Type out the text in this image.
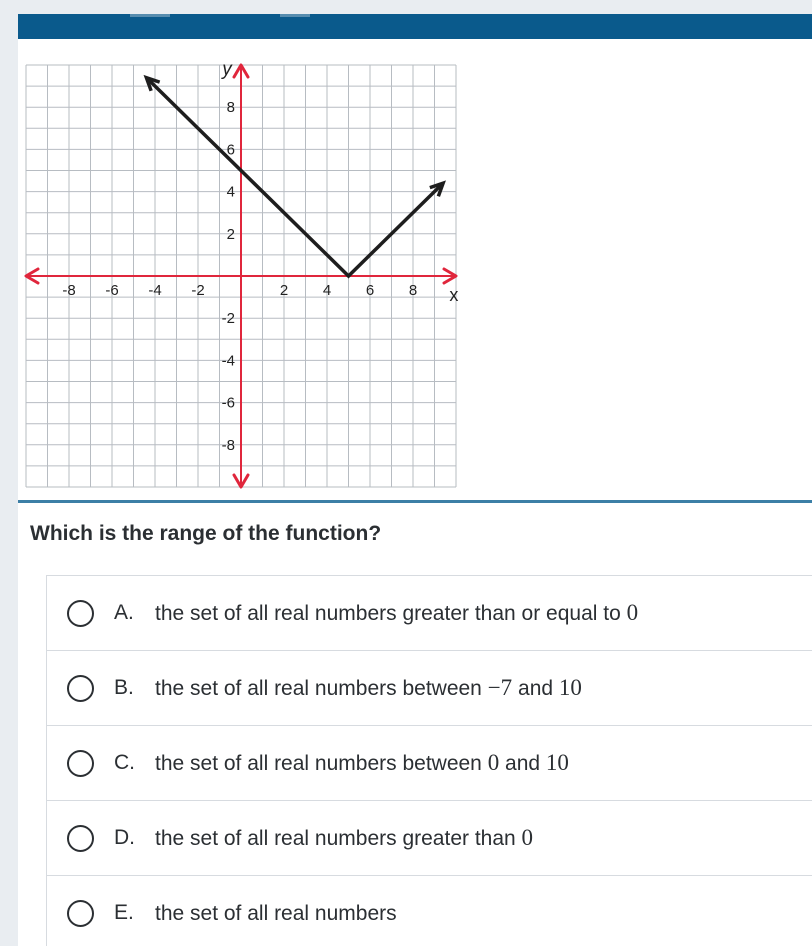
-8 -6 -4 -2	2 4 6 8
8
6
4
2
-2
-4
-6
-8
x
y
Which is the range of the function?
A. the set of all real numbers greater than or equal to 0
B. the set of all real numbers between −7 and 10
C. the set of all real numbers between 0 and 10
D. the set of all real numbers greater than 0
E. the set of all real numbers
